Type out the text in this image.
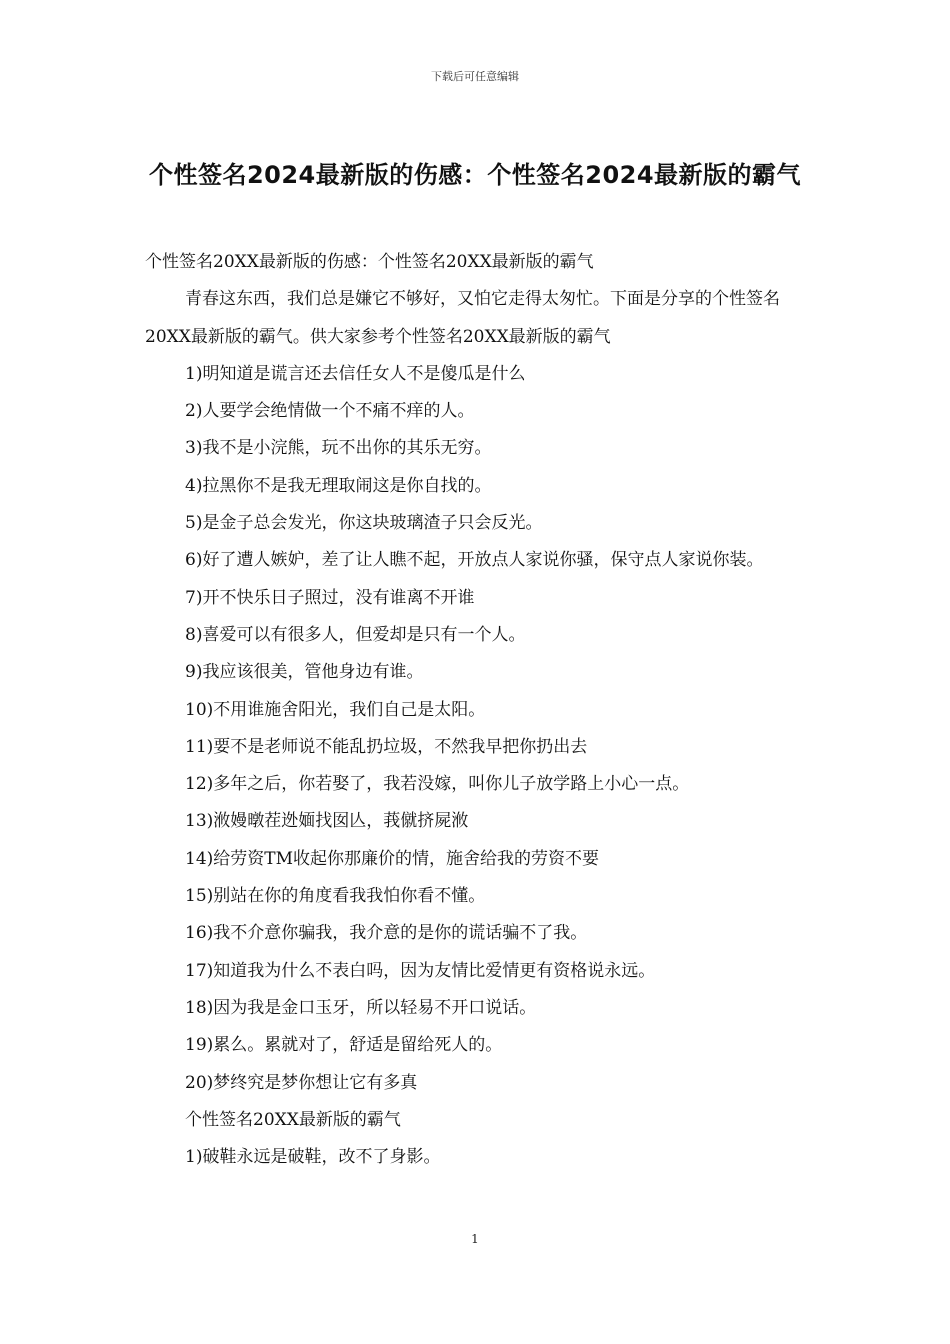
下载后可任意编辑
个性签名2024最新版的伤感：个性签名2024最新版的霸气

个性签名20XX最新版的伤感：个性签名20XX最新版的霸气

青春这东西，我们总是嫌它不够好，又怕它走得太匆忙。下面是分享的个性签名20XX最新版的霸气。供大家参考个性签名20XX最新版的霸气

1)明知道是谎言还去信任女人不是傻瓜是什么

2)人要学会绝情做一个不痛不痒的人。

3)我不是小浣熊，玩不出你的其乐无穷。

4)拉黑你不是我无理取闹这是你自找的。

5)是金子总会发光，你这块玻璃渣子只会反光。

6)好了遭人嫉妒，差了让人瞧不起，开放点人家说你骚，保守点人家说你装。

7)开不快乐日子照过，没有谁离不开谁

8)喜爱可以有很多人，但爱却是只有一个人。

9)我应该很美，管他身边有谁。

10)不用谁施舍阳光，我们自己是太阳。

11)要不是老师说不能乱扔垃圾，不然我早把你扔出去

12)多年之后，你若娶了，我若没嫁，叫你儿子放学路上小心一点。

13)浟嫚暾茬迯媔找囡亾，莪僦挤屍浟

14)给劳资TM收起你那廉价的情，施舍给我的劳资不要

15)别站在你的角度看我我怕你看不懂。

16)我不介意你骗我，我介意的是你的谎话骗不了我。

17)知道我为什么不表白吗，因为友情比爱情更有资格说永远。

18)因为我是金口玉牙，所以轻易不开口说话。

19)累么。累就对了，舒适是留给死人的。

20)梦终究是梦你想让它有多真

个性签名20XX最新版的霸气

1)破鞋永远是破鞋，改不了身影。

1
